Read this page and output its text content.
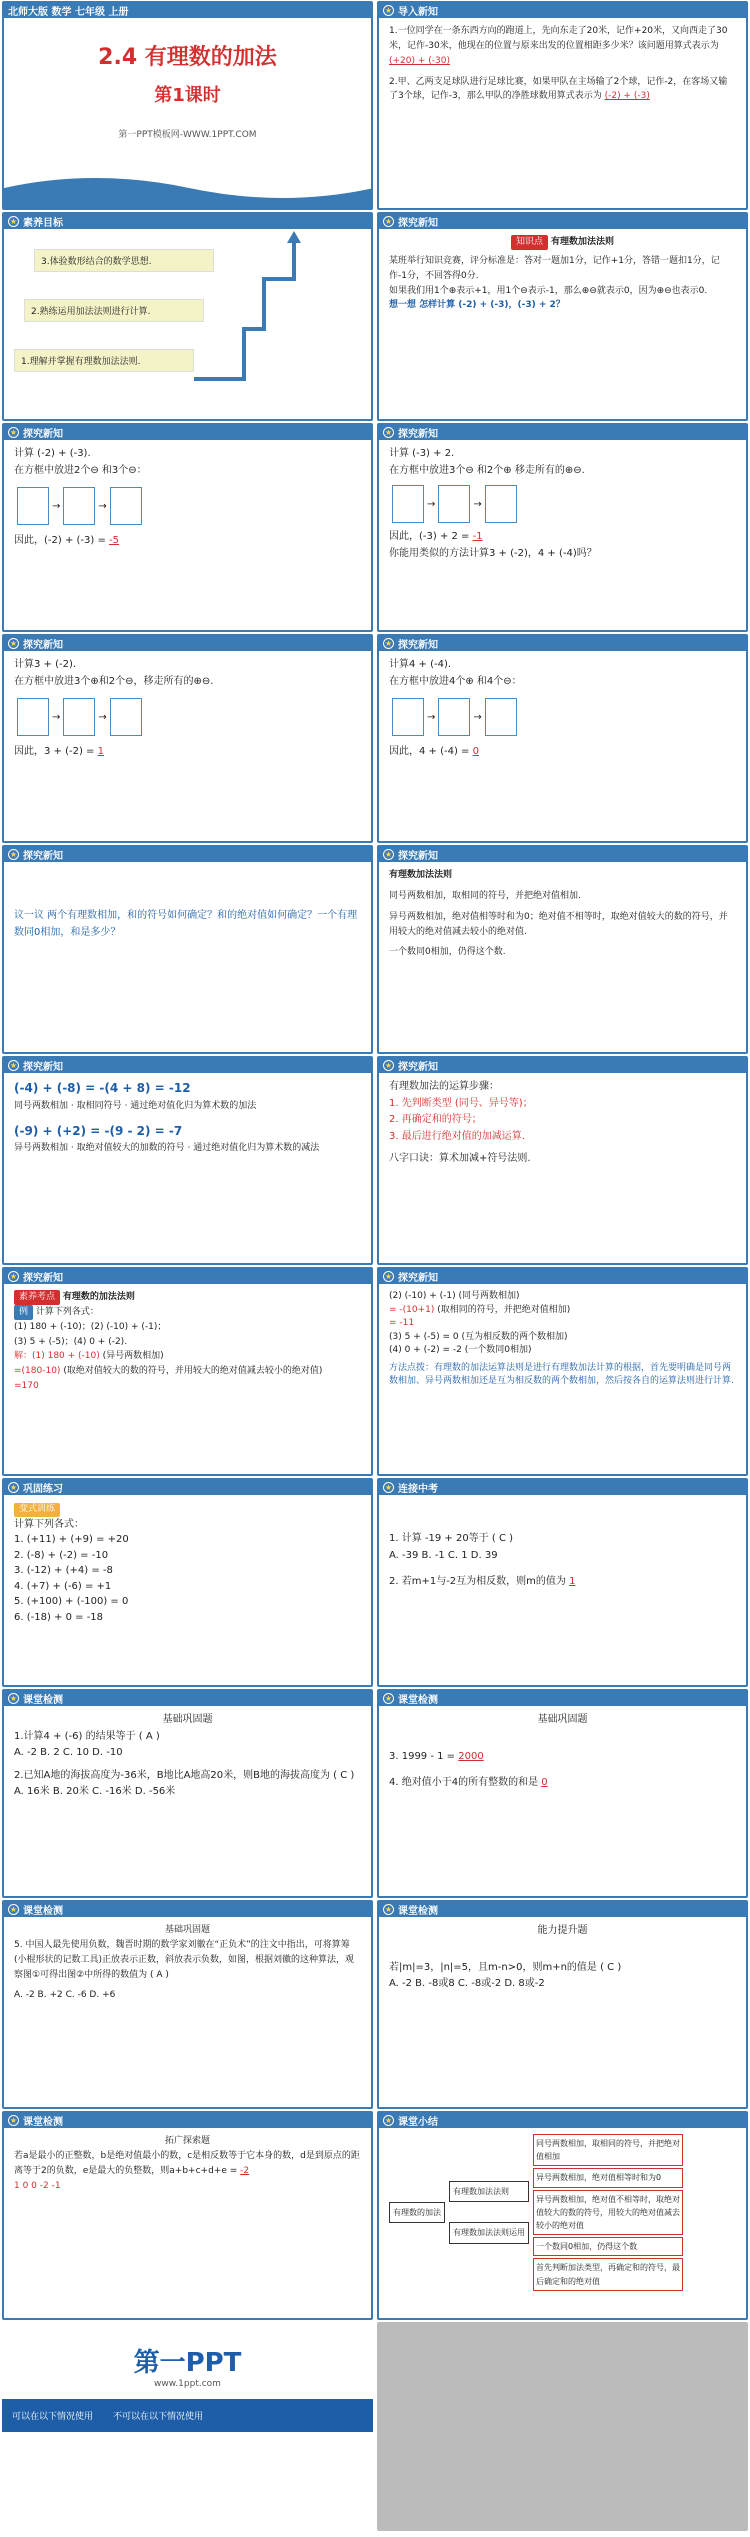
北师大版 数学 七年级 上册
2.4 有理数的加法
第1课时
第一PPT模板网-WWW.1PPT.COM
★ 导入新知
1.一位同学在一条东西方向的跑道上，先向东走了20米，记作+20米，又向西走了30米，记作-30米，他现在的位置与原来出发的位置相距多少米？该问题用算式表示为 (+20) + (-30)
2.甲、乙两支足球队进行足球比赛，如果甲队在主场输了2个球，记作-2，在客场又输了3个球，记作-3，那么甲队的净胜球数用算式表示为 (-2) + (-3)
★ 素养目标
3.体验数形结合的数学思想.
2.熟练运用加法法则进行计算.
1.理解并掌握有理数加法法则.
★ 探究新知
知识点 有理数加法法则
某班举行知识竞赛，评分标准是：答对一题加1分，记作+1分，答错一题扣1分，记作-1分，不回答得0分.
如果我们用1个⊕表示+1，用1个⊖表示-1，那么⊕⊖就表示0，因为⊕⊖也表示0.
想一想 怎样计算 (-2) + (-3)，(-3) + 2？
★ 探究新知
计算 (-2) + (-3).
在方框中放进2个⊖ 和3个⊖：
→	→
因此，(-2) + (-3) = -5
★ 探究新知
计算 (-3) + 2.
在方框中放进3个⊖ 和2个⊕ 移走所有的⊕⊖.
→	→
因此，(-3) + 2 = -1
你能用类似的方法计算3 + (-2)，4 + (-4)吗？
★ 探究新知
计算3 + (-2).
在方框中放进3个⊕和2个⊖，移走所有的⊕⊖.
→	→
因此，3 + (-2) = 1
★ 探究新知
计算4 + (-4).
在方框中放进4个⊕ 和4个⊖：
→	→
因此，4 + (-4) = 0
★ 探究新知
议一议 两个有理数相加，和的符号如何确定？和的绝对值如何确定？一个有理数同0相加，和是多少？
★ 探究新知
有理数加法法则
同号两数相加，取相同的符号，并把绝对值相加.
异号两数相加，绝对值相等时和为0；绝对值不相等时，取绝对值较大的数的符号，并用较大的绝对值减去较小的绝对值.
一个数同0相加，仍得这个数.
★ 探究新知
(-4) + (-8) = -(4 + 8) = -12
同号两数相加 · 取相同符号 · 通过绝对值化归为算术数的加法
(-9) + (+2) = -(9 - 2) = -7
异号两数相加 · 取绝对值较大的加数的符号 · 通过绝对值化归为算术数的减法
★ 探究新知
有理数加法的运算步骤：
1. 先判断类型 (同号、异号等)；
2. 再确定和的符号；
3. 最后进行绝对值的加减运算.
八字口诀：算术加减+符号法则.
★ 探究新知
素养考点 有理数的加法法则
例 计算下列各式：
(1) 180 + (-10)；(2) (-10) + (-1)；
(3) 5 + (-5)；(4) 0 + (-2).
解：(1) 180 + (-10) (异号两数相加)
=(180-10) (取绝对值较大的数的符号，并用较大的绝对值减去较小的绝对值)
=170
★ 探究新知
(2) (-10) + (-1) (同号两数相加)
= -(10+1) (取相同的符号，并把绝对值相加)
= -11
(3) 5 + (-5) = 0 (互为相反数的两个数相加)
(4) 0 + (-2) = -2 (一个数同0相加)
方法点拨：有理数的加法运算法则是进行有理数加法计算的根据，首先要明确是同号两数相加、异号两数相加还是互为相反数的两个数相加，然后按各自的运算法则进行计算.
★ 巩固练习
变式训练
计算下列各式：
1. (+11) + (+9) = +20
2. (-8) + (-2) = -10
3. (-12) + (+4) = -8
4. (+7) + (-6) = +1
5. (+100) + (-100) = 0
6. (-18) + 0 = -18
★ 连接中考
1. 计算 -19 + 20等于 ( C )
A. -39 B. -1 C. 1 D. 39
2. 若m+1与-2互为相反数，则m的值为 1
★ 课堂检测
基础巩固题
1.计算4 + (-6) 的结果等于 ( A )
A. -2 B. 2 C. 10 D. -10
2.已知A地的海拔高度为-36米，B地比A地高20米，则B地的海拔高度为 ( C )
A. 16米 B. 20米 C. -16米 D. -56米
★ 课堂检测
基础巩固题
3. 1999 - 1 = 2000
4. 绝对值小于4的所有整数的和是 0
★ 课堂检测
基础巩固题
5. 中国人最先使用负数，魏晋时期的数学家刘徽在“正负术”的注文中指出，可将算筹(小棍形状的记数工具)正放表示正数，斜放表示负数，如图，根据刘徽的这种算法，观察图①可得出图②中所得的数值为 ( A )
A. -2 B. +2 C. -6 D. +6
★ 课堂检测
能力提升题
若|m|=3，|n|=5，且m-n>0，则m+n的值是 ( C )
A. -2 B. -8或8 C. -8或-2 D. 8或-2
★ 课堂检测
拓广探索题
若a是最小的正整数，b是绝对值最小的数，c是相反数等于它本身的数，d是到原点的距离等于2的负数，e是最大的负整数，则a+b+c+d+e = -2
1 0 0 -2 -1
★ 课堂小结
有理数的加法
有理数加法法则
有理数加法法则运用
同号两数相加，取相同的符号，并把绝对值相加
异号两数相加，绝对值相等时和为0
异号两数相加，绝对值不相等时，取绝对值较大的数的符号，用较大的绝对值减去较小的绝对值
一个数同0相加，仍得这个数
首先判断加法类型，再确定和的符号，最后确定和的绝对值
第一PPT
www.1ppt.com
可以在以下情况使用 不可以在以下情况使用
